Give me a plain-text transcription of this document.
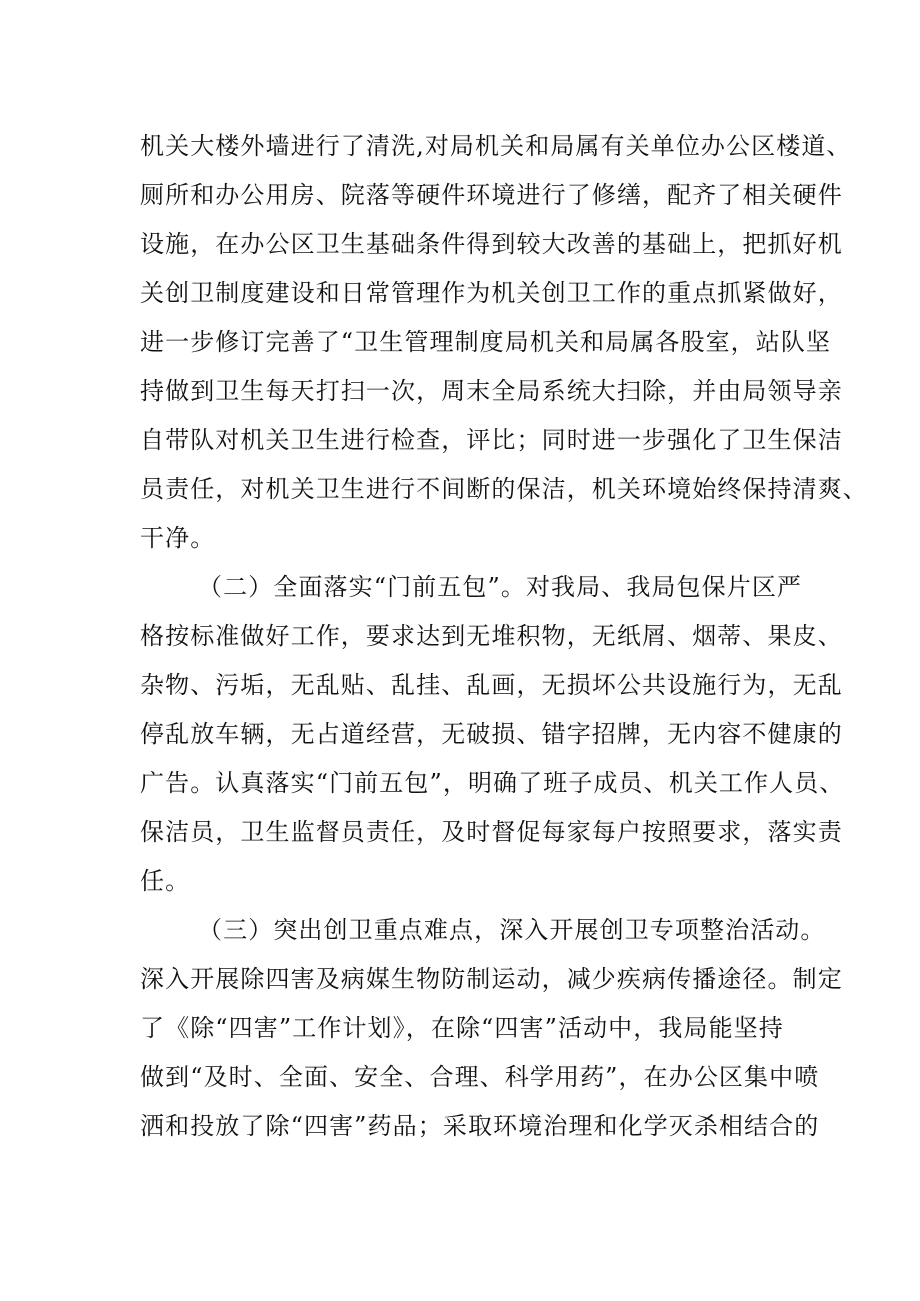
机关大楼外墙进行了清洗,对局机关和局属有关单位办公区楼道、
厕所和办公用房、院落等硬件环境进行了修缮，配齐了相关硬件
设施，在办公区卫生基础条件得到较大改善的基础上，把抓好机
关创卫制度建设和日常管理作为机关创卫工作的重点抓紧做好，
进一步修订完善了“卫生管理制度局机关和局属各股室，站队坚
持做到卫生每天打扫一次，周末全局系统大扫除，并由局领导亲
自带队对机关卫生进行检查，评比；同时进一步强化了卫生保洁
员责任，对机关卫生进行不间断的保洁，机关环境始终保持清爽、
干净。
（二）全面落实“门前五包”。对我局、我局包保片区严
格按标准做好工作，要求达到无堆积物，无纸屑、烟蒂、果皮、
杂物、污垢，无乱贴、乱挂、乱画，无损坏公共设施行为，无乱
停乱放车辆，无占道经营，无破损、错字招牌，无内容不健康的
广告。认真落实“门前五包”，明确了班子成员、机关工作人员、
保洁员，卫生监督员责任，及时督促每家每户按照要求，落实责
任。
（三）突出创卫重点难点，深入开展创卫专项整治活动。
深入开展除四害及病媒生物防制运动，减少疾病传播途径。制定
了《除“四害”工作计划》，在除“四害”活动中，我局能坚持
做到“及时、全面、安全、合理、科学用药”，在办公区集中喷
洒和投放了除“四害”药品；采取环境治理和化学灭杀相结合的
